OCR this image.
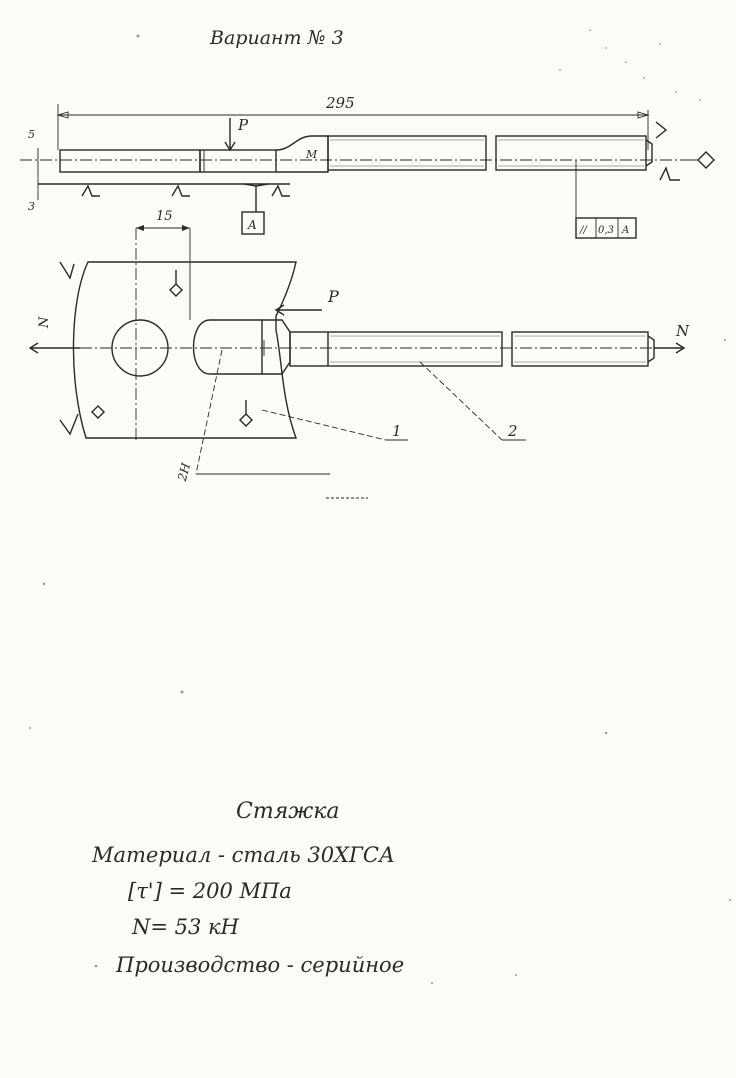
Вариант № 3
295
M
5
3
P
A	// 0,3 A
15
N	N
P
2H
1	2
Стяжка
Материал - сталь 30ХГСА
[τ'] = 200 МПа
N= 53 кН
Производство - серийное
